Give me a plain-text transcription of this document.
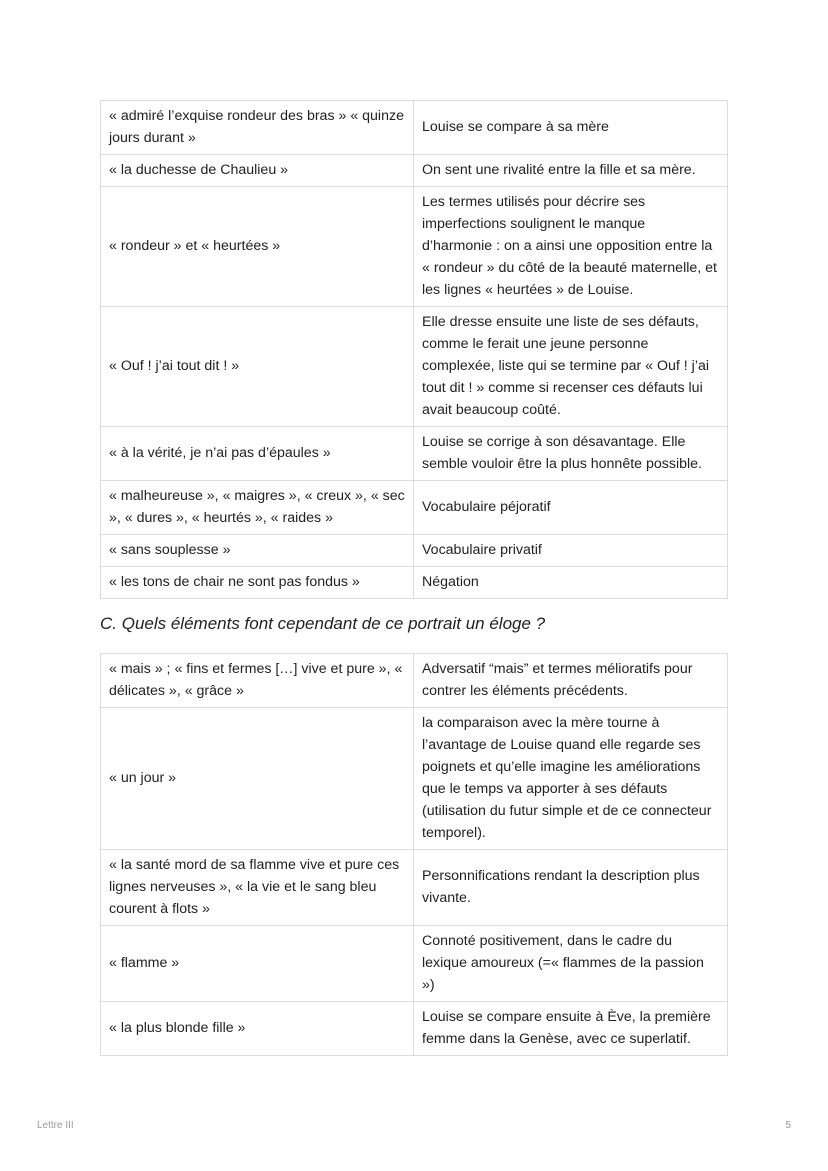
« admiré l’exquise rondeur des bras » « quinze jours durant »	Louise se compare à sa mère
« la duchesse de Chaulieu »	On sent une rivalité entre la fille et sa mère.
« rondeur » et « heurtées »	Les termes utilisés pour décrire ses imperfections soulignent le manque d’harmonie : on a ainsi une opposition entre la « rondeur » du côté de la beauté maternelle, et les lignes « heurtées » de Louise.
« Ouf ! j’ai tout dit ! »	Elle dresse ensuite une liste de ses défauts, comme le ferait une jeune personne complexée, liste qui se termine par « Ouf ! j’ai tout dit ! » comme si recenser ces défauts lui avait beaucoup coûté.
« à la vérité, je n’ai pas d’épaules »	Louise se corrige à son désavantage. Elle semble vouloir être la plus honnête possible.
« malheureuse », « maigres », « creux », « sec », « dures », « heurtés », « raides »	Vocabulaire péjoratif
« sans souplesse »	Vocabulaire privatif
« les tons de chair ne sont pas fondus »	Négation
C. Quels éléments font cependant de ce portrait un éloge ?
« mais » ; « fins et fermes […] vive et pure », « délicates », « grâce »	Adversatif “mais” et termes mélioratifs pour contrer les éléments précédents.
« un jour »	la comparaison avec la mère tourne à l’avantage de Louise quand elle regarde ses poignets et qu’elle imagine les améliorations que le temps va apporter à ses défauts (utilisation du futur simple et de ce connecteur temporel).
« la santé mord de sa flamme vive et pure ces lignes nerveuses », « la vie et le sang bleu courent à flots »	Personnifications rendant la description plus vivante.
« flamme »	Connoté positivement, dans le cadre du lexique amoureux (=« flammes de la passion »)
« la plus blonde fille »	Louise se compare ensuite à Ève, la première femme dans la Genèse, avec ce superlatif.
Lettre III	5
